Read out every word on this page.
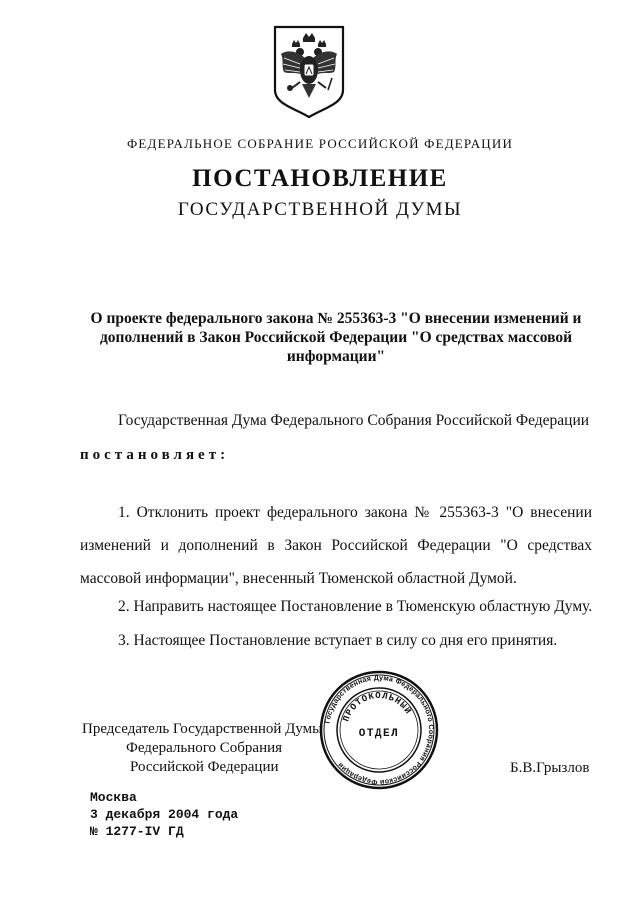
ФЕДЕРАЛЬНОЕ СОБРАНИЕ РОССИЙСКОЙ ФЕДЕРАЦИИ
ПОСТАНОВЛЕНИЕ
ГОСУДАРСТВЕННОЙ ДУМЫ
О проекте федерального закона № 255363-3 "О внесении изменений и
дополнений в Закон Российской Федерации "О средствах массовой
информации"
Государственная Дума Федерального Собрания Российской Федерации
постановляет:
1. Отклонить проект федерального закона № 255363-3 "О внесении
изменений и дополнений в Закон Российской Федерации "О средствах
массовой информации", внесенный Тюменской областной Думой.
2. Направить настоящее Постановление в Тюменскую областную Думу.
3. Настоящее Постановление вступает в силу со дня его принятия.
Председатель Государственной Думы
Федерального Собрания
Российской Федерации
Государственная Дума Федерального Собрания Российской Федерации
ПРОТОКОЛЬНЫЙ
ОТДЕЛ
Б.В.Грызлов
Москва
3 декабря 2004 года
№ 1277-IV ГД
